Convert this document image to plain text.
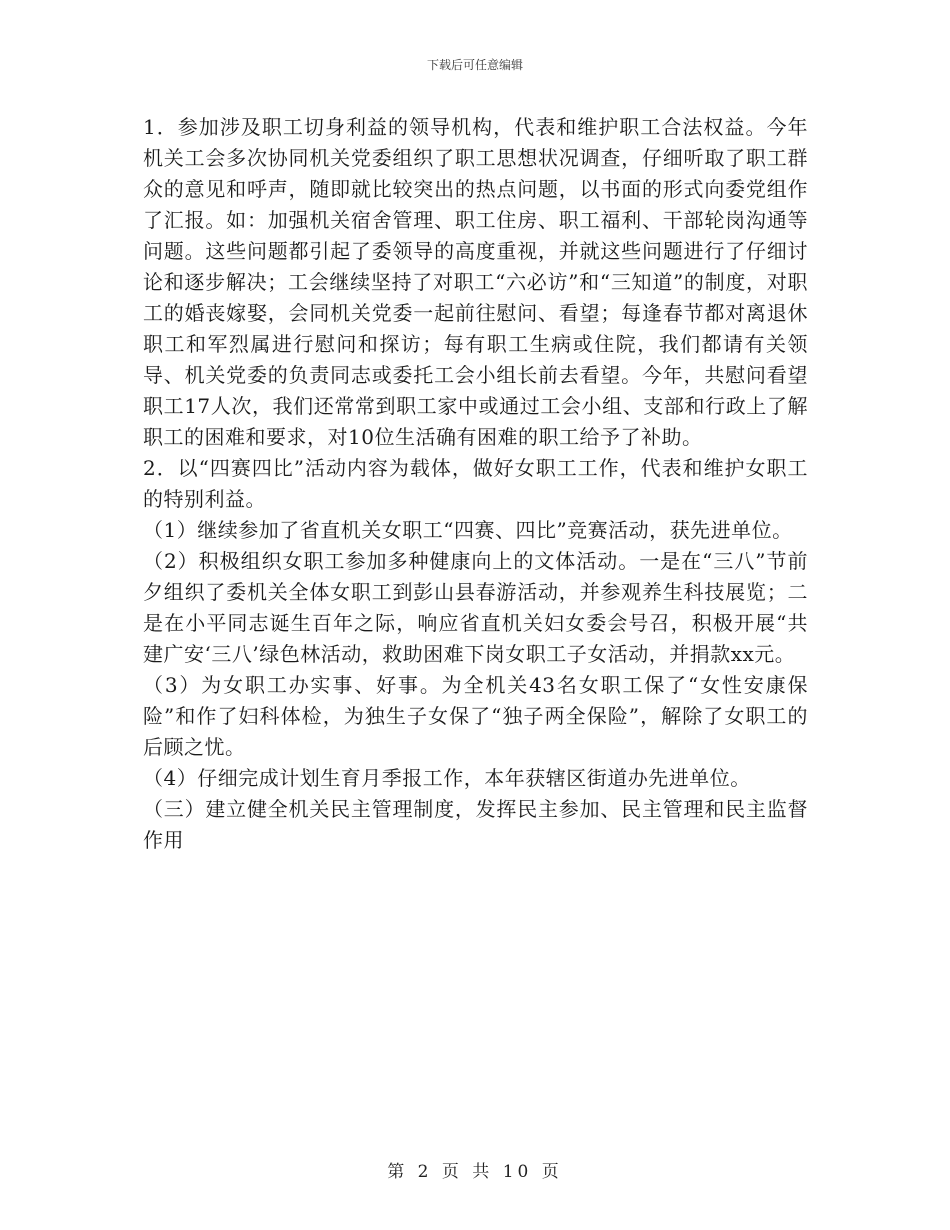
下载后可任意编辑

1．参加涉及职工切身利益的领导机构，代表和维护职工合法权益。今年机关工会多次协同机关党委组织了职工思想状况调查，仔细听取了职工群众的意见和呼声，随即就比较突出的热点问题，以书面的形式向委党组作了汇报。如：加强机关宿舍管理、职工住房、职工福利、干部轮岗沟通等问题。这些问题都引起了委领导的高度重视，并就这些问题进行了仔细讨论和逐步解决；工会继续坚持了对职工“六必访”和“三知道”的制度，对职工的婚丧嫁娶，会同机关党委一起前往慰问、看望；每逢春节都对离退休职工和军烈属进行慰问和探访；每有职工生病或住院，我们都请有关领导、机关党委的负责同志或委托工会小组长前去看望。今年，共慰问看望职工17人次，我们还常常到职工家中或通过工会小组、支部和行政上了解职工的困难和要求，对10位生活确有困难的职工给予了补助。

2．以“四赛四比”活动内容为载体，做好女职工工作，代表和维护女职工的特别利益。

（1）继续参加了省直机关女职工“四赛、四比”竞赛活动，获先进单位。

（2）积极组织女职工参加多种健康向上的文体活动。一是在“三八”节前夕组织了委机关全体女职工到彭山县春游活动，并参观养生科技展览；二是在小平同志诞生百年之际，响应省直机关妇女委会号召，积极开展“共建广安‘三八’绿色林活动，救助困难下岗女职工子女活动，并捐款xx元。

（3）为女职工办实事、好事。为全机关43名女职工保了“女性安康保险”和作了妇科体检，为独生子女保了“独子两全保险”，解除了女职工的后顾之忧。

（4）仔细完成计划生育月季报工作，本年获辖区街道办先进单位。

（三）建立健全机关民主管理制度，发挥民主参加、民主管理和民主监督作用

第 2 页 共 10 页
